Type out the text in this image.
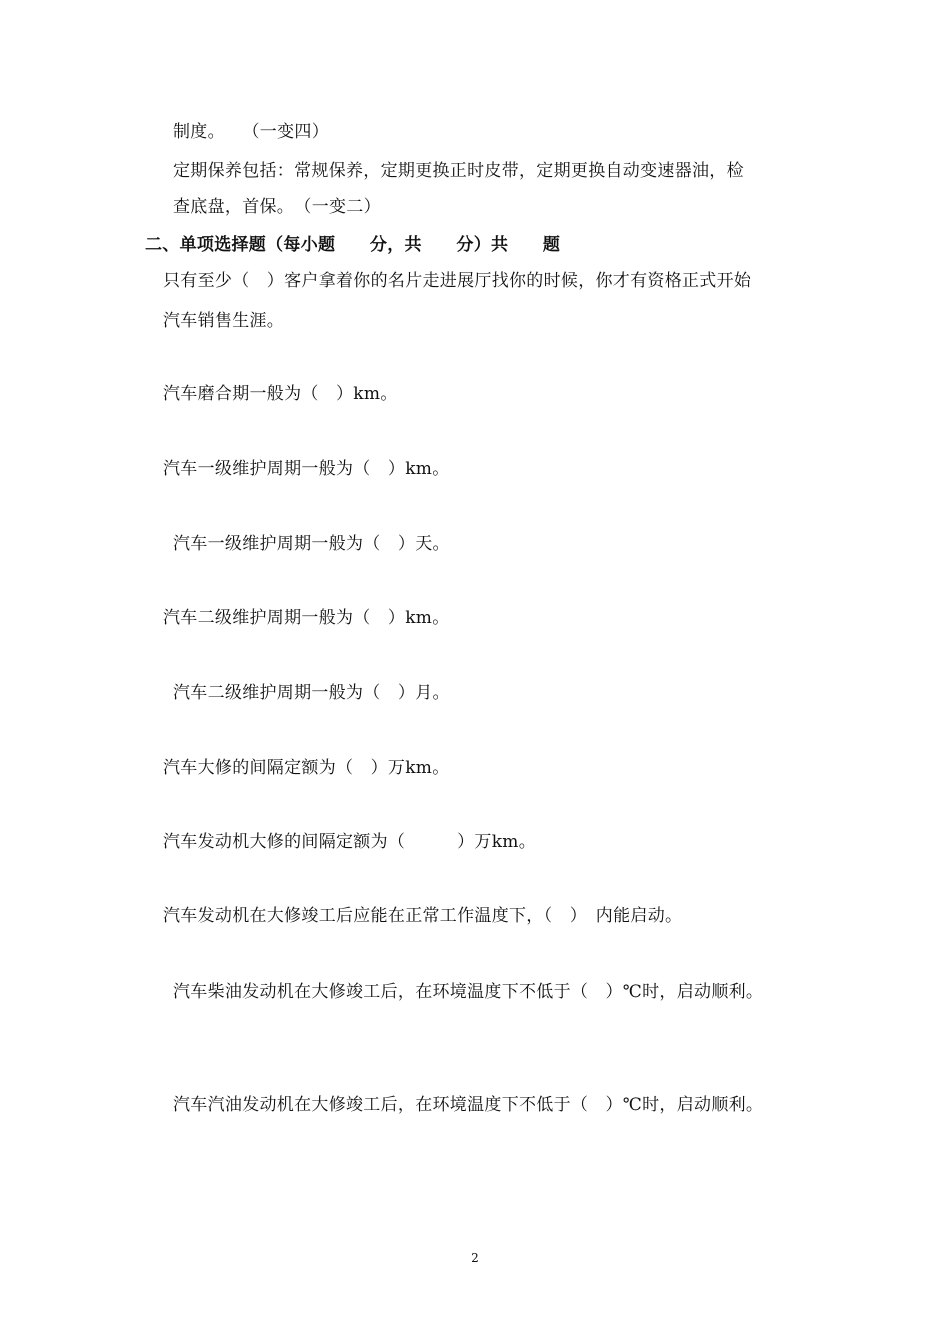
制度。　　（一变四）
定期保养包括：常规保养，定期更换正时皮带，定期更换自动变速器油，检
查底盘，首保。　（一变二）
二、单项选择题（每小题　　分，共　　分）共　　题
只有至少（　）客户拿着你的名片走进展厅找你的时候，你才有资格正式开始
汽车销售生涯。
汽车磨合期一般为（　）km。
汽车一级维护周期一般为（　）km。
汽车一级维护周期一般为（　）天。
汽车二级维护周期一般为（　）km。
汽车二级维护周期一般为（　）月。
汽车大修的间隔定额为（　）万km。
汽车发动机大修的间隔定额为（　　　）万km。
汽车发动机在大修竣工后应能在正常工作温度下，（　）　内能启动。
汽车柴油发动机在大修竣工后，在环境温度下不低于（　）℃时，启动顺利。
汽车汽油发动机在大修竣工后，在环境温度下不低于（　）℃时，启动顺利。
2
